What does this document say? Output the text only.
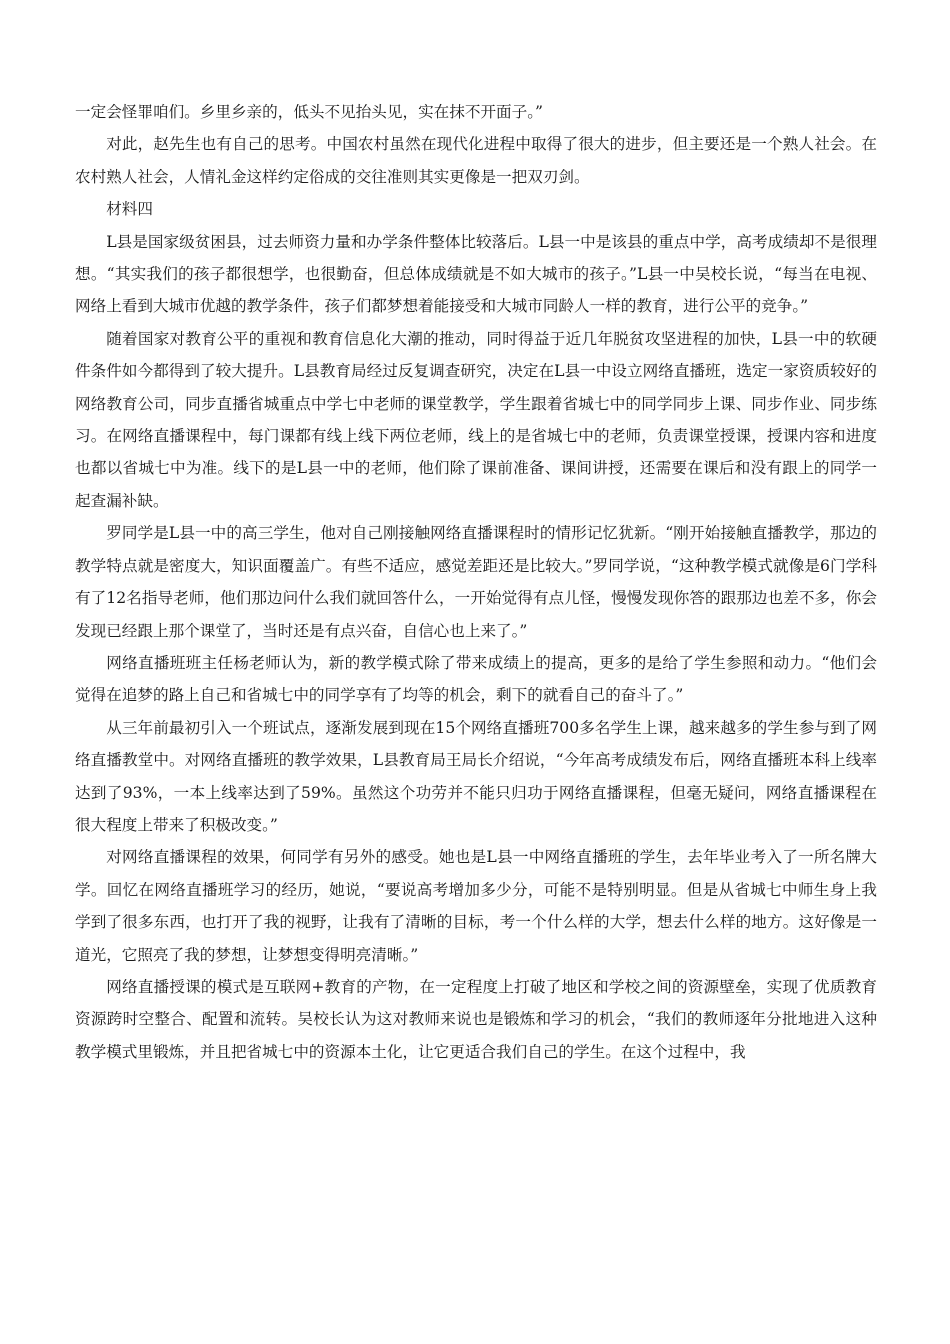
一定会怪罪咱们。乡里乡亲的，低头不见抬头见，实在抹不开面子。”

对此，赵先生也有自己的思考。中国农村虽然在现代化进程中取得了很大的进步，但主要还是一个熟人社会。在农村熟人社会，人情礼金这样约定俗成的交往准则其实更像是一把双刃剑。

材料四

L县是国家级贫困县，过去师资力量和办学条件整体比较落后。L县一中是该县的重点中学，高考成绩却不是很理想。“其实我们的孩子都很想学，也很勤奋，但总体成绩就是不如大城市的孩子。”L县一中吴校长说，“每当在电视、网络上看到大城市优越的教学条件，孩子们都梦想着能接受和大城市同龄人一样的教育，进行公平的竞争。”

随着国家对教育公平的重视和教育信息化大潮的推动，同时得益于近几年脱贫攻坚进程的加快，L县一中的软硬件条件如今都得到了较大提升。L县教育局经过反复调查研究，决定在L县一中设立网络直播班，选定一家资质较好的网络教育公司，同步直播省城重点中学七中老师的课堂教学，学生跟着省城七中的同学同步上课、同步作业、同步练习。在网络直播课程中，每门课都有线上线下两位老师，线上的是省城七中的老师，负责课堂授课，授课内容和进度也都以省城七中为准。线下的是L县一中的老师，他们除了课前准备、课间讲授，还需要在课后和没有跟上的同学一起查漏补缺。

罗同学是L县一中的高三学生，他对自己刚接触网络直播课程时的情形记忆犹新。“刚开始接触直播教学，那边的教学特点就是密度大，知识面覆盖广。有些不适应，感觉差距还是比较大。”罗同学说，“这种教学模式就像是6门学科有了12名指导老师，他们那边问什么我们就回答什么，一开始觉得有点儿怪，慢慢发现你答的跟那边也差不多，你会发现已经跟上那个课堂了，当时还是有点兴奋，自信心也上来了。”

网络直播班班主任杨老师认为，新的教学模式除了带来成绩上的提高，更多的是给了学生参照和动力。“他们会觉得在追梦的路上自己和省城七中的同学享有了均等的机会，剩下的就看自己的奋斗了。”

从三年前最初引入一个班试点，逐渐发展到现在15个网络直播班700多名学生上课，越来越多的学生参与到了网络直播教堂中。对网络直播班的教学效果，L县教育局王局长介绍说，“今年高考成绩发布后，网络直播班本科上线率达到了93%，一本上线率达到了59%。虽然这个功劳并不能只归功于网络直播课程，但毫无疑问，网络直播课程在很大程度上带来了积极改变。”

对网络直播课程的效果，何同学有另外的感受。她也是L县一中网络直播班的学生，去年毕业考入了一所名牌大学。回忆在网络直播班学习的经历，她说，“要说高考增加多少分，可能不是特别明显。但是从省城七中师生身上我学到了很多东西，也打开了我的视野，让我有了清晰的目标，考一个什么样的大学，想去什么样的地方。这好像是一道光，它照亮了我的梦想，让梦想变得明亮清晰。”

网络直播授课的模式是互联网+教育的产物，在一定程度上打破了地区和学校之间的资源壁垒，实现了优质教育资源跨时空整合、配置和流转。吴校长认为这对教师来说也是锻炼和学习的机会，“我们的教师逐年分批地进入这种教学模式里锻炼，并且把省城七中的资源本土化，让它更适合我们自己的学生。在这个过程中，我
